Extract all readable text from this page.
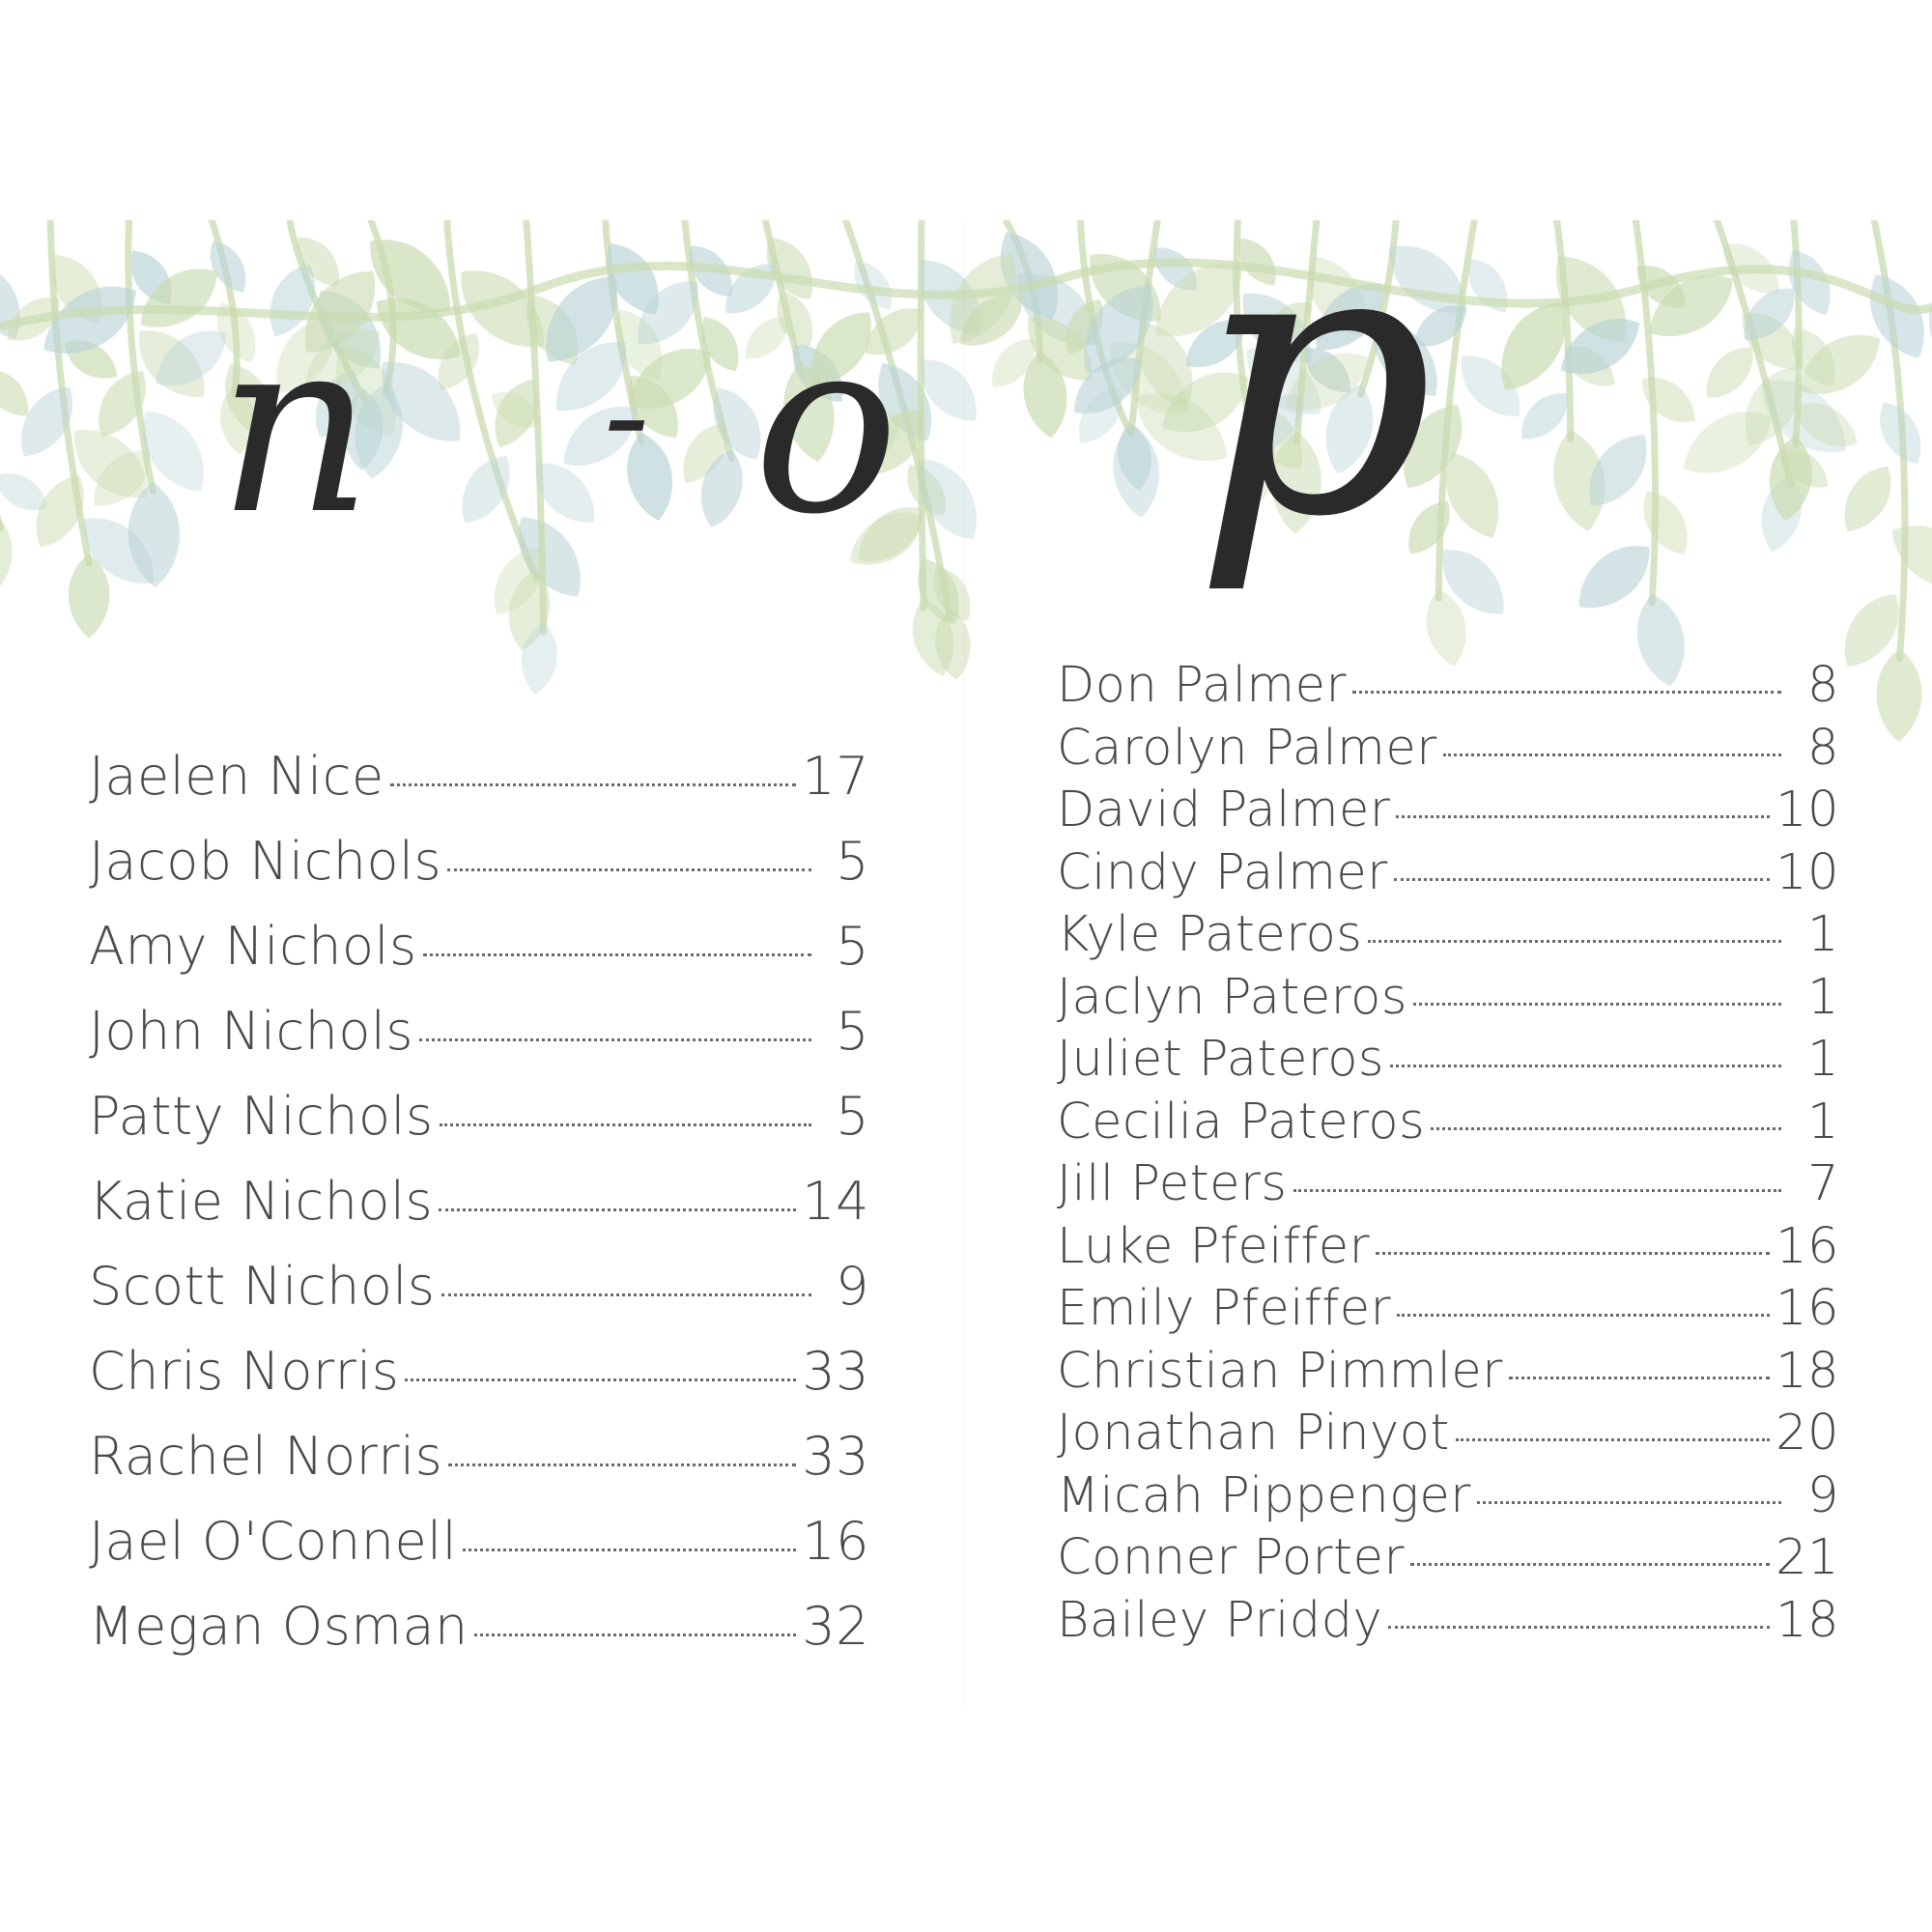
n - o p
Jaelen Nice	17
Jacob Nichols	5
Amy Nichols	5
John Nichols	5
Patty Nichols	5
Katie Nichols	14
Scott Nichols	9
Chris Norris	33
Rachel Norris	33
Jael O'Connell	16
Megan Osman	32
Don Palmer	8
Carolyn Palmer	8
David Palmer	10
Cindy Palmer	10
Kyle Pateros	1
Jaclyn Pateros	1
Juliet Pateros	1
Cecilia Pateros	1
Jill Peters	7
Luke Pfeiffer	16
Emily Pfeiffer	16
Christian Pimmler	18
Jonathan Pinyot	20
Micah Pippenger	9
Conner Porter	21
Bailey Priddy	18
